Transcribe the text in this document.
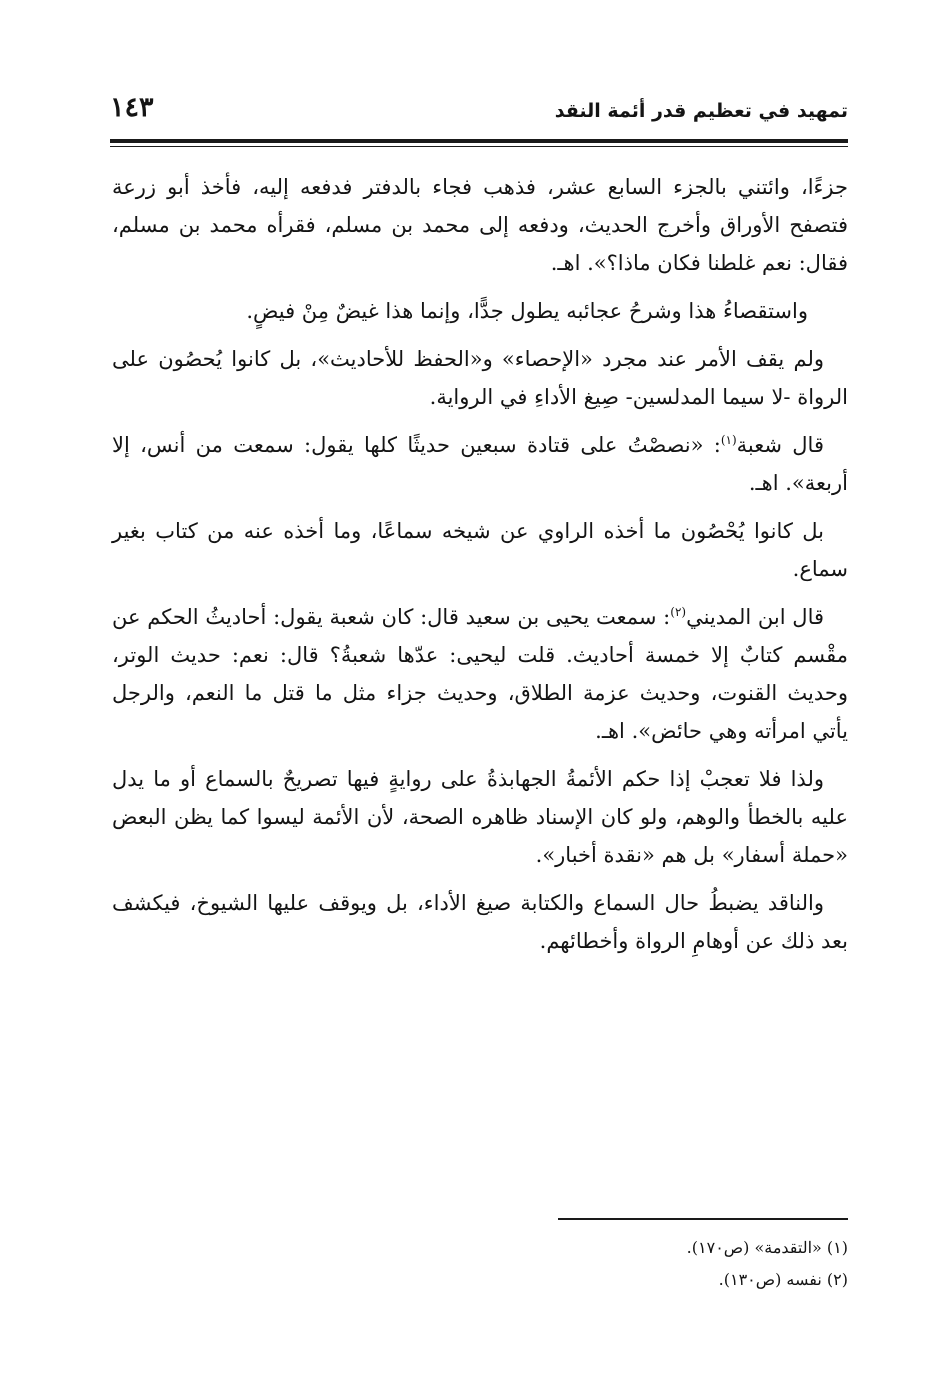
تمهيد في تعظيم قدر أئمة النقد
١٤٣

جزءًا، وائتني بالجزء السابع عشر، فذهب فجاء بالدفتر فدفعه إليه، فأخذ أبو زرعة فتصفح الأوراق وأخرج الحديث، ودفعه إلى محمد بن مسلم، فقرأه محمد بن مسلم، فقال: نعم غلطنا فكان ماذا؟». اهـ.

واستقصاءُ هذا وشرحُ عجائبه يطول جدًّا، وإنما هذا غيضٌ مِنْ فيضٍ.

ولم يقف الأمر عند مجرد «الإحصاء» و«الحفظ للأحاديث»، بل كانوا يُحصُون على الرواة -لا سيما المدلسين- صِيغ الأداءِ في الرواية.

قال شعبة$^{(١)}$: «نصصْتُ على قتادة سبعين حديثًا كلها يقول: سمعت من أنس، إلا أربعة». اهـ.

بل كانوا يُحْصُون ما أخذه الراوي عن شيخه سماعًا، وما أخذه عنه من كتاب بغير سماع.

قال ابن المديني$^{(٢)}$: سمعت يحيى بن سعيد قال: كان شعبة يقول: أحاديثُ الحكم عن مقْسم كتابٌ إلا خمسة أحاديث. قلت ليحيى: عدّها شعبةُ؟ قال: نعم: حديث الوتر، وحديث القنوت، وحديث عزمة الطلاق، وحديث جزاء مثل ما قتل ما النعم، والرجل يأتي امرأته وهي حائض». اهـ.

ولذا فلا تعجبْ إذا حكم الأئمةُ الجهابذةُ على روايةٍ فيها تصريحٌ بالسماع أو ما يدل عليه بالخطأ والوهم، ولو كان الإسناد ظاهره الصحة، لأن الأئمة ليسوا كما يظن البعض «حملة أسفار» بل هم «نقدة أخبار».

والناقد يضبطُ حال السماع والكتابة صيغ الأداء، بل ويوقف عليها الشيوخ، فيكشف بعد ذلك عن أوهامِ الرواة وأخطائهم.

(١) «التقدمة» (ص١٧٠).
(٢) نفسه (ص١٣٠).
